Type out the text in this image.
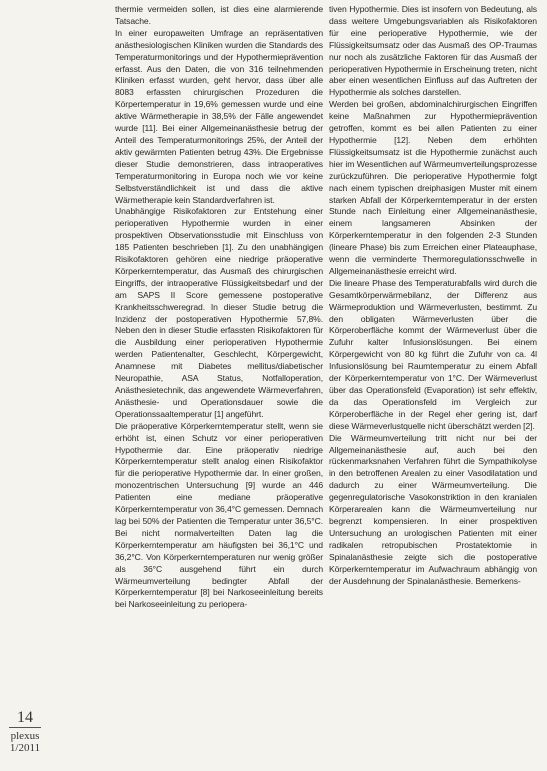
14
plexus
1/2011

thermie vermeiden sollen, ist dies eine alarmierende Tatsache.

In einer europaweiten Umfrage an repräsentativen anästhesiologischen Kliniken wurden die Standards des Temperaturmonitorings und der Hypothermieprävention erfasst. Aus den Daten, die von 316 teilnehmenden Kliniken erfasst wurden, geht hervor, dass über alle 8083 erfassten chirurgischen Prozeduren die Körpertemperatur in 19,6% gemessen wurde und eine aktive Wärmetherapie in 38,5% der Fälle angewendet wurde [11]. Bei einer Allgemeinanästhesie betrug der Anteil des Temperaturmonitorings 25%, der Anteil der aktiv gewärmten Patienten betrug 43%. Die Ergebnisse dieser Studie demonstrieren, dass intraoperatives Temperaturmonitoring in Europa noch wie vor keine Selbstverständlichkeit ist und dass die aktive Wärmetherapie kein Standardverfahren ist.

Unabhängige Risikofaktoren zur Entstehung einer perioperativen Hypothermie wurden in einer prospektiven Observationsstudie mit Einschluss von 185 Patienten beschrieben [1]. Zu den unabhängigen Risikofaktoren gehören eine niedrige präoperative Körperkerntemperatur, das Ausmaß des chirurgischen Eingriffs, der intraoperative Flüssigkeitsbedarf und der am SAPS II Score gemessene postoperative Krankheitsschweregrad. In dieser Studie betrug die Inzidenz der postoperativen Hypothermie 57,8%. Neben den in dieser Studie erfassten Risikofaktoren für die Ausbildung einer perioperativen Hypothermie werden Patientenalter, Geschlecht, Körpergewicht, Anamnese mit Diabetes mellitus/diabetischer Neuropathie, ASA Status, Notfalloperation, Anästhesietechnik, das angewendete Wärmeverfahren, Anästhesie- und Operationsdauer sowie die Operationssaaltemperatur [1] angeführt.

Die präoperative Körperkerntemperatur stellt, wenn sie erhöht ist, einen Schutz vor einer perioperativen Hypothermie dar. Eine präoperativ niedrige Körperkerntemperatur stellt analog einen Risikofaktor für die perioperative Hypothermie dar. In einer großen, monozentrischen Untersuchung [9] wurde an 446 Patienten eine mediane präoperative Körperkerntemperatur von 36,4°C gemessen. Demnach lag bei 50% der Patienten die Temperatur unter 36,5°C. Bei nicht normalverteilten Daten lag die Körperkerntemperatur am häufigsten bei 36,1°C und 36,2°C. Von Körperkerntemperaturen nur wenig größer als 36°C ausgehend führt ein durch Wärmeumverteilung bedingter Abfall der Körperkerntemperatur [8] bei Narkoseeinleitung bereits bei Narkoseeinleitung zu periopera-

tiven Hypothermie. Dies ist insofern von Bedeutung, als dass weitere Umgebungsvariablen als Risikofaktoren für eine perioperative Hypothermie, wie der Flüssigkeitsumsatz oder das Ausmaß des OP-Traumas nur noch als zusätzliche Faktoren für das Ausmaß der perioperativen Hypothermie in Erscheinung treten, nicht aber einen wesentlichen Einfluss auf das Auftreten der Hypothermie als solches darstellen.

Werden bei großen, abdominalchirurgischen Eingriffen keine Maßnahmen zur Hypothermieprävention getroffen, kommt es bei allen Patienten zu einer Hypothermie [12]. Neben dem erhöhten Flüssigkeitsumsatz ist die Hypothermie zunächst auch hier im Wesentlichen auf Wärmeumverteilungsprozesse zurückzuführen. Die perioperative Hypothermie folgt nach einem typischen dreiphasigen Muster mit einem starken Abfall der Körperkerntemperatur in der ersten Stunde nach Einleitung einer Allgemeinanästhesie, einem langsameren Absinken der Körperkerntemperatur in den folgenden 2-3 Stunden (lineare Phase) bis zum Erreichen einer Plateauphase, wenn die verminderte Thermoregulationsschwelle in Allgemeinanästhesie erreicht wird.

Die lineare Phase des Temperaturabfalls wird durch die Gesamtkörperwärmebilanz, der Differenz aus Wärmeproduktion und Wärmeverlusten, bestimmt. Zu den obligaten Wärmeverlusten über die Körperoberfläche kommt der Wärmeverlust über die Zufuhr kalter Infusionslösungen. Bei einem Körpergewicht von 80 kg führt die Zufuhr von ca. 4l Infusionslösung bei Raumtemperatur zu einem Abfall der Körperkerntemperatur von 1°C. Der Wärmeverlust über das Operationsfeld (Evaporation) ist sehr effektiv, da das Operationsfeld im Vergleich zur Körperoberfläche in der Regel eher gering ist, darf diese Wärmeverlustquelle nicht überschätzt werden [2].

Die Wärmeumverteilung tritt nicht nur bei der Allgemeinanästhesie auf, auch bei den rückenmarksnahen Verfahren führt die Sympathikolyse in den betroffenen Arealen zu einer Vasodilatation und dadurch zu einer Wärmeumverteilung. Die gegenregulatorische Vasokonstriktion in den kranialen Körperarealen kann die Wärmeumverteilung nur begrenzt kompensieren. In einer prospektiven Untersuchung an urologischen Patienten mit einer radikalen retropubischen Prostatektomie in Spinalanästhesie zeigte sich die postoperative Körperkerntemperatur im Aufwachraum abhängig von der Ausdehnung der Spinalanästhesie. Bemerkens-
